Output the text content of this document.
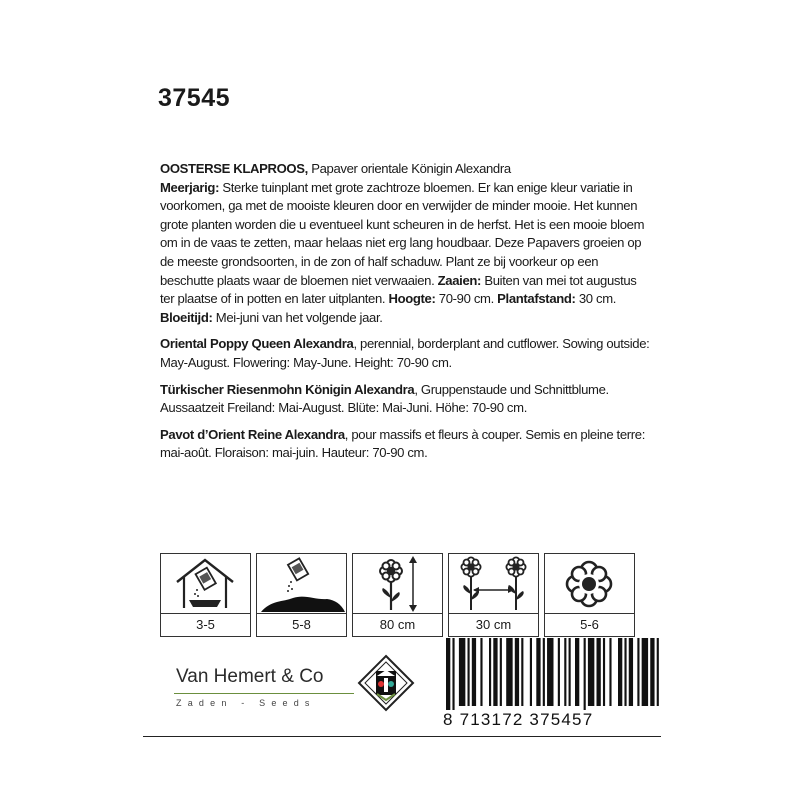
37545

OOSTERSE KLAPROOS, Papaver orientale Königin Alexandra
Meerjarig: Sterke tuinplant met grote zachtroze bloemen. Er kan enige kleur variatie in voorkomen, ga met de mooiste kleuren door en verwijder de minder mooie. Het kunnen grote planten worden die u eventueel kunt scheuren in de herfst. Het is een mooie bloem om in de vaas te zetten, maar helaas niet erg lang houdbaar. Deze Papavers groeien op de meeste grondsoorten, in de zon of half schaduw. Plant ze bij voorkeur op een beschutte plaats waar de bloemen niet verwaaien. Zaaien: Buiten van mei tot augustus ter plaatse of in potten en later uitplanten. Hoogte: 70-90 cm. Plantafstand: 30 cm. Bloeitijd: Mei-juni van het volgende jaar.

Oriental Poppy Queen Alexandra, perennial, borderplant and cutflower. Sowing outside: May-August. Flowering: May-June. Height: 70-90 cm.

Türkischer Riesenmohn Königin Alexandra, Gruppenstaude und Schnittblume. Aussaatzeit Freiland: Mai-August. Blüte: Mai-Juni. Höhe: 70-90 cm.

Pavot d’Orient Reine Alexandra, pour massifs et fleurs à couper. Semis en pleine terre: mai-août. Floraison: mai-juin. Hauteur: 70-90 cm.

3-5	5-8	80 cm	30 cm	5-6
Van Hemert & Co
Zaden - Seeds
8 713172 375457
